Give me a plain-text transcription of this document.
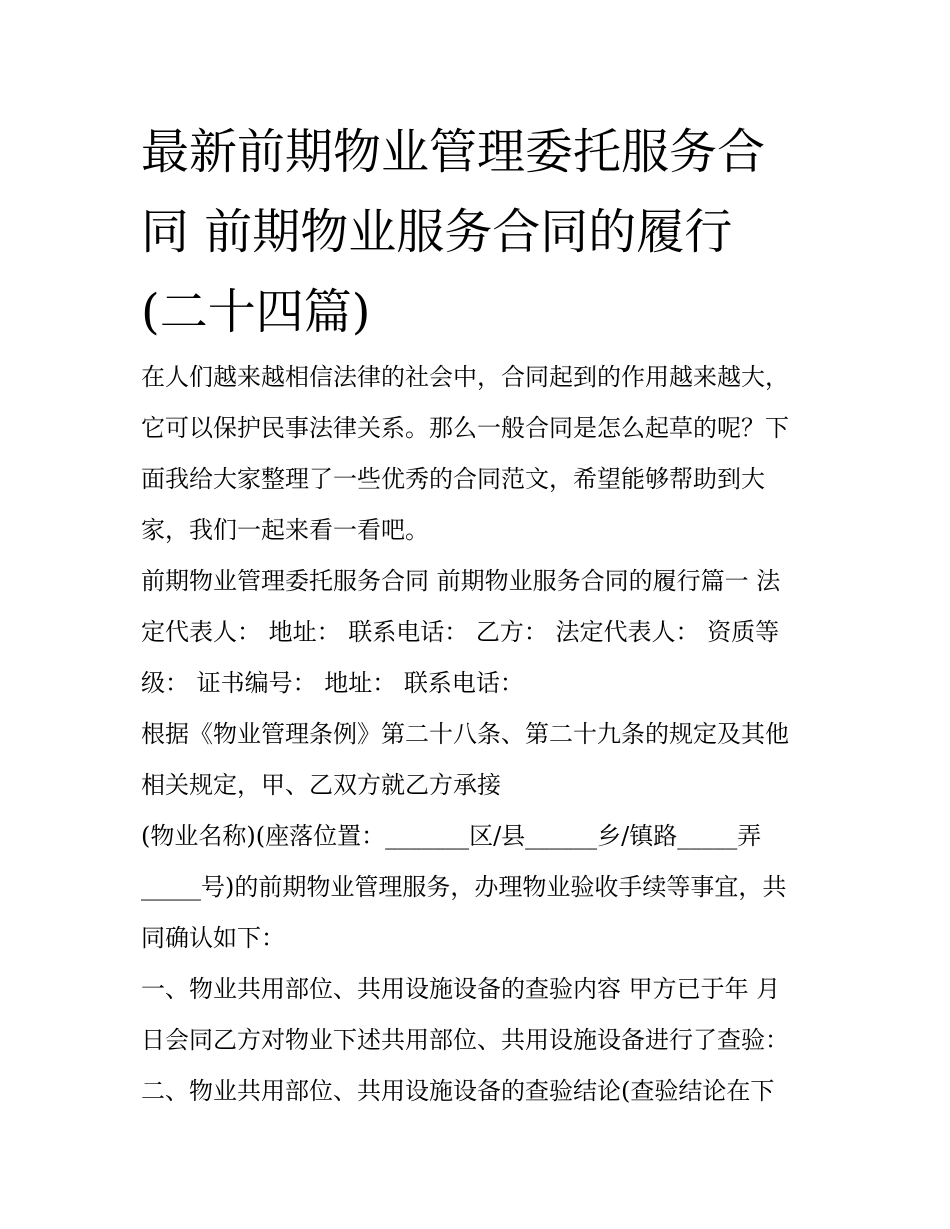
最新前期物业管理委托服务合
同 前期物业服务合同的履行
(二十四篇)
在人们越来越相信法律的社会中，合同起到的作用越来越大，
它可以保护民事法律关系。那么一般合同是怎么起草的呢？下
面我给大家整理了一些优秀的合同范文，希望能够帮助到大
家，我们一起来看一看吧。
前期物业管理委托服务合同 前期物业服务合同的履行篇一 法
定代表人： 地址： 联系电话： 乙方： 法定代表人： 资质等
级： 证书编号： 地址： 联系电话：
根据《物业管理条例》第二十八条、第二十九条的规定及其他
相关规定，甲、乙双方就乙方承接
(物业名称)(座落位置：_______区/县______乡/镇路_____弄
_____号)的前期物业管理服务，办理物业验收手续等事宜，共
同确认如下：
一、物业共用部位、共用设施设备的查验内容 甲方已于年 月
日会同乙方对物业下述共用部位、共用设施设备进行了查验：
二、物业共用部位、共用设施设备的查验结论(查验结论在下
